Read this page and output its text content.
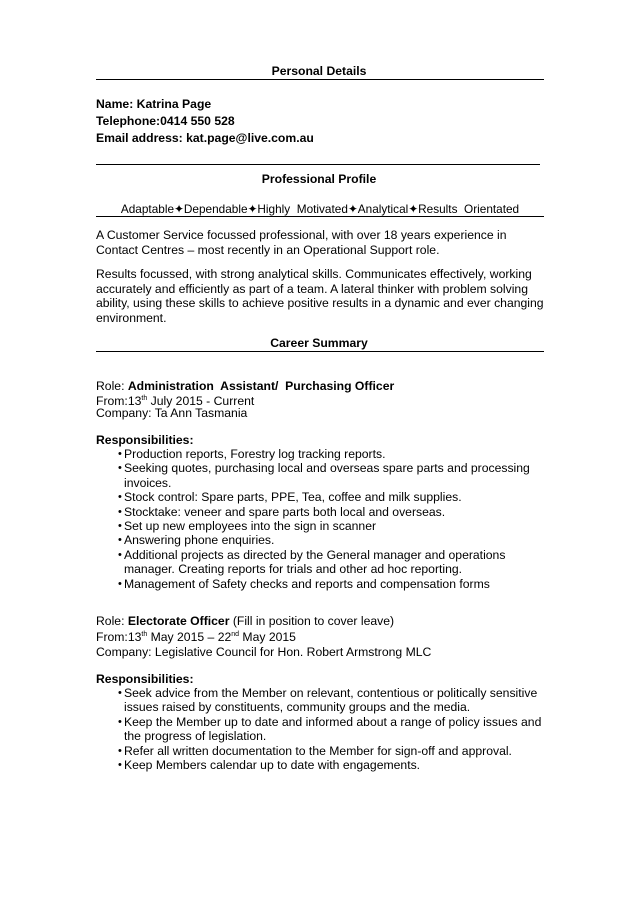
Personal Details
Name: Katrina Page
Telephone:0414 550 528
Email address: kat.page@live.com.au
Professional Profile
Adaptable✦Dependable✦Highly  Motivated✦Analytical✦Results  Orientated
A Customer Service focussed professional, with over 18 years experience in Contact Centres – most recently in an Operational Support role.
Results focussed, with strong analytical skills. Communicates effectively, working accurately and efficiently as part of a team. A lateral thinker with problem solving ability, using these skills to achieve positive results in a dynamic and ever changing environment.
Career Summary
Role: Administration  Assistant/  Purchasing Officer
From:13th July 2015 - Current
Company: Ta Ann Tasmania
Responsibilities:
• Production reports, Forestry log tracking reports.
• Seeking quotes, purchasing local and overseas spare parts and processing invoices.
• Stock control: Spare parts, PPE, Tea, coffee and milk supplies.
• Stocktake: veneer and spare parts both local and overseas.
• Set up new employees into the sign in scanner
• Answering phone enquiries.
• Additional projects as directed by the General manager and operations manager. Creating reports for trials and other ad hoc reporting.
• Management of Safety checks and reports and compensation forms
Role: Electorate Officer (Fill in position to cover leave)
From:13th May 2015 – 22nd May 2015
Company: Legislative Council for Hon. Robert Armstrong MLC
Responsibilities:
• Seek advice from the Member on relevant, contentious or politically sensitive issues raised by constituents, community groups and the media.
• Keep the Member up to date and informed about a range of policy issues and the progress of legislation.
• Refer all written documentation to the Member for sign-off and approval.
• Keep Members calendar up to date with engagements.
